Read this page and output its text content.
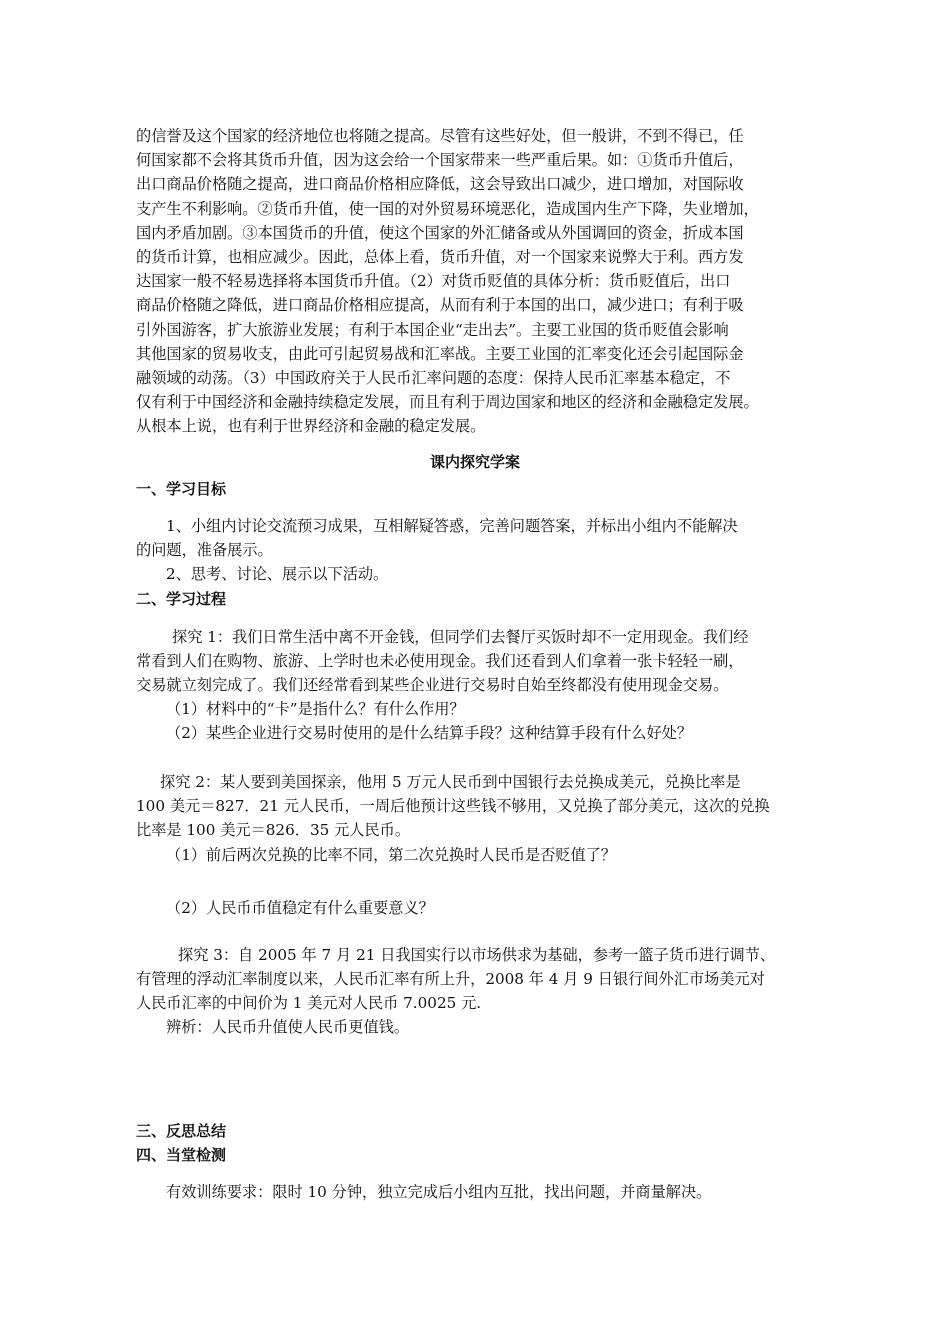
的信誉及这个国家的经济地位也将随之提高。尽管有这些好处，但一般讲，不到不得已，任
何国家都不会将其货币升值，因为这会给一个国家带来一些严重后果。如：①货币升值后，
出口商品价格随之提高，进口商品价格相应降低，这会导致出口减少，进口增加，对国际收
支产生不利影响。②货币升值，使一国的对外贸易环境恶化，造成国内生产下降，失业增加，
国内矛盾加剧。③本国货币的升值，使这个国家的外汇储备或从外国调回的资金，折成本国
的货币计算，也相应减少。因此，总体上看，货币升值，对一个国家来说弊大于利。西方发
达国家一般不轻易选择将本国货币升值。（2）对货币贬值的具体分析：货币贬值后，出口
商品价格随之降低，进口商品价格相应提高，从而有利于本国的出口，减少进口；有利于吸
引外国游客，扩大旅游业发展；有利于本国企业“走出去”。主要工业国的货币贬值会影响
其他国家的贸易收支，由此可引起贸易战和汇率战。主要工业国的汇率变化还会引起国际金
融领域的动荡。（3）中国政府关于人民币汇率问题的态度：保持人民币汇率基本稳定，不
仅有利于中国经济和金融持续稳定发展，而且有利于周边国家和地区的经济和金融稳定发展。
从根本上说，也有利于世界经济和金融的稳定发展。
课内探究学案
一、学习目标

1、小组内讨论交流预习成果，互相解疑答惑，完善问题答案，并标出小组内不能解决

的问题，准备展示。

2、思考、讨论、展示以下活动。

二、学习过程

探究 1：我们日常生活中离不开金钱，但同学们去餐厅买饭时却不一定用现金。我们经

常看到人们在购物、旅游、上学时也未必使用现金。我们还看到人们拿着一张卡轻轻一刷，

交易就立刻完成了。我们还经常看到某些企业进行交易时自始至终都没有使用现金交易。

（1）材料中的“卡”是指什么？有什么作用？

（2）某些企业进行交易时使用的是什么结算手段？这种结算手段有什么好处？

探究 2：某人要到美国探亲，他用 5 万元人民币到中国银行去兑换成美元，兑换比率是

100 美元＝827．21 元人民币，一周后他预计这些钱不够用，又兑换了部分美元，这次的兑换

比率是 100 美元＝826．35 元人民币。

（1）前后两次兑换的比率不同，第二次兑换时人民币是否贬值了？

（2）人民币币值稳定有什么重要意义？

探究 3：自 2005 年 7 月 21 日我国实行以市场供求为基础，参考一篮子货币进行调节、

有管理的浮动汇率制度以来，人民币汇率有所上升，2008 年 4 月 9 日银行间外汇市场美元对

人民币汇率的中间价为 1 美元对人民币 7.0025 元.

辨析：人民币升值使人民币更值钱。

三、反思总结
四、当堂检测

有效训练要求：限时 10 分钟，独立完成后小组内互批，找出问题，并商量解决。
